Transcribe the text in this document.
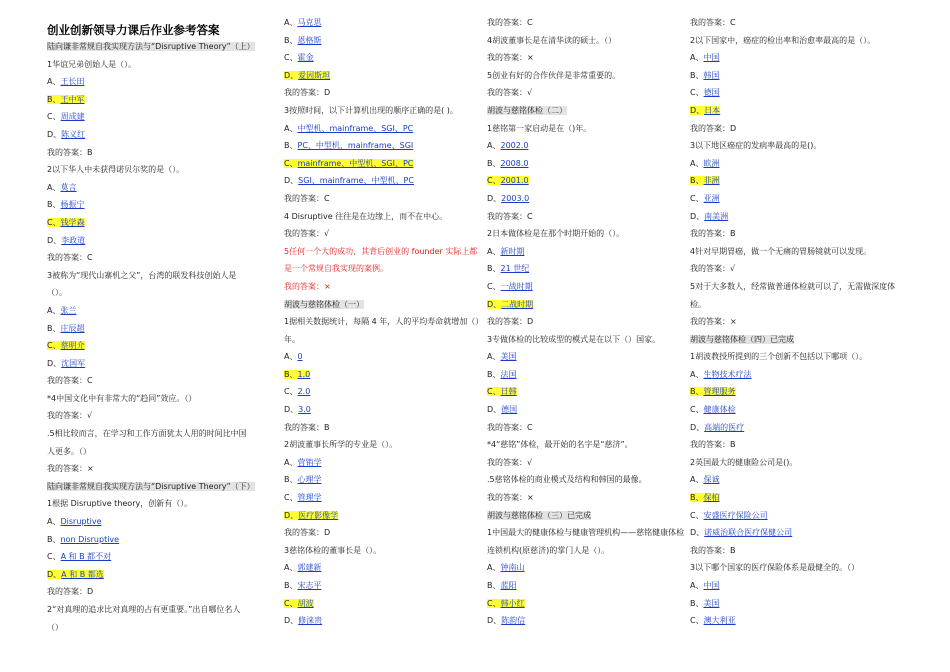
创业创新领导力课后作业参考答案
陆向谦非常规自我实现方法与“Disruptive Theory”（上）
1华谊兄弟创始人是（）。
A、王长田
B、王中军
C、周成建
D、陈义红
我的答案：B
2以下华人中未获得诺贝尔奖的是（）。
A、莫言
B、杨振宁
C、钱学森
D、李政道
我的答案：C
3被称为“现代山寨机之父”，台湾的联发科技创始人是（）。
A、张兰
B、庄辰超
C、蔡明介
D、沈国军
我的答案：C
*4中国文化中有非常大的“趋同”效应。（）
我的答案：√
.5相比较而言，在学习和工作方面犹太人用的时间比中国人更多。（）
我的答案：×
陆向谦非常规自我实现方法与“Disruptive Theory”（下）
1根据 Disruptive theory，创新有（）。
A、Disruptive
B、non Disruptive
C、A 和 B 都不对
D、A 和 B 都选
我的答案：D
2“对真理的追求比对真理的占有更重要。”出自哪位名人（）
A、马克思
B、恩格斯
C、霍金
D、爱因斯坦
我的答案：D
3按照时间，以下计算机出现的顺序正确的是( )。
A、中型机、mainframe、SGI、PC
B、PC、中型机、mainframe、SGI
C、mainframe、中型机、SGI、PC
D、SGI、mainframe、中型机、PC
我的答案：C
4 Disruptive 往往是在边缘上，而不在中心。
我的答案：√
5任何一个大的成功，其背后创业的 founder 实际上都是一个常规自我实现的案例。
我的答案：×
胡波与慈铭体检（一）
1据相关数据统计，每隔 4 年，人的平均寿命就增加（）年。
A、0
B、1.0
C、2.0
D、3.0
我的答案：B
2胡波董事长所学的专业是（）。
A、营销学
B、心理学
C、管理学
D、医疗影像学
我的答案：D
3慈铭体检的董事长是（）。
A、郭建新
B、宋志平
C、胡波
D、修涞贵
我的答案：C
4胡波董事长是在清华读的硕士。（）
我的答案：×
5创业有好的合作伙伴是非常重要的。
我的答案：√
胡波与慈铭体检（二）
1慈铭第一家启动是在（)年。
A、2002.0
B、2008.0
C、2001.0
D、2003.0
我的答案：C
2日本做体检是在那个时期开始的（）。
A、新时期
B、21 世纪
C、一战时期
D、二战时期
我的答案：D
3专做体检的比较成型的模式是在以下（）国家。
A、美国
B、法国
C、日韩
D、德国
我的答案：C
*4“慈铭”体检，最开始的名字是“慈济”。
我的答案：√
.5慈铭体检的商业模式及结构和韩国的最像。
我的答案：×
胡波与慈铭体检（三）已完成
1中国最大的健康体检与健康管理机构——慈铭健康体检连锁机构(原慈济)的掌门人是（）。
A、钟南山
B、蓝阳
C、韩小红
D、陈韵信
我的答案：C
2以下国家中，癌症的检出率和治愈率最高的是（）。
A、中国
B、韩国
C、德国
D、日本
我的答案：D
3以下地区癌症的发病率最高的是()。
A、欧洲
B、非洲
C、亚洲
D、南美洲
我的答案：B
4针对早期胃癌，做一个无痛的胃肠镜就可以发现。
我的答案：√
5对于大多数人，经常做普通体检就可以了，无需做深度体检。
我的答案：×
胡波与慈铭体检（四）已完成
1胡波教授所提到的三个创新不包括以下哪项（）。
A、生物技术疗法
B、管理服务
C、健康体检
D、高端的医疗
我的答案：B
2英国最大的健康险公司是()。
A、保诚
B、保柏
C、安盛医疗保险公司
D、诺威治联合医疗保健公司
我的答案：B
3以下哪个国家的医疗保险体系是最健全的。（）
A、中国
B、美国
C、澳大利亚
